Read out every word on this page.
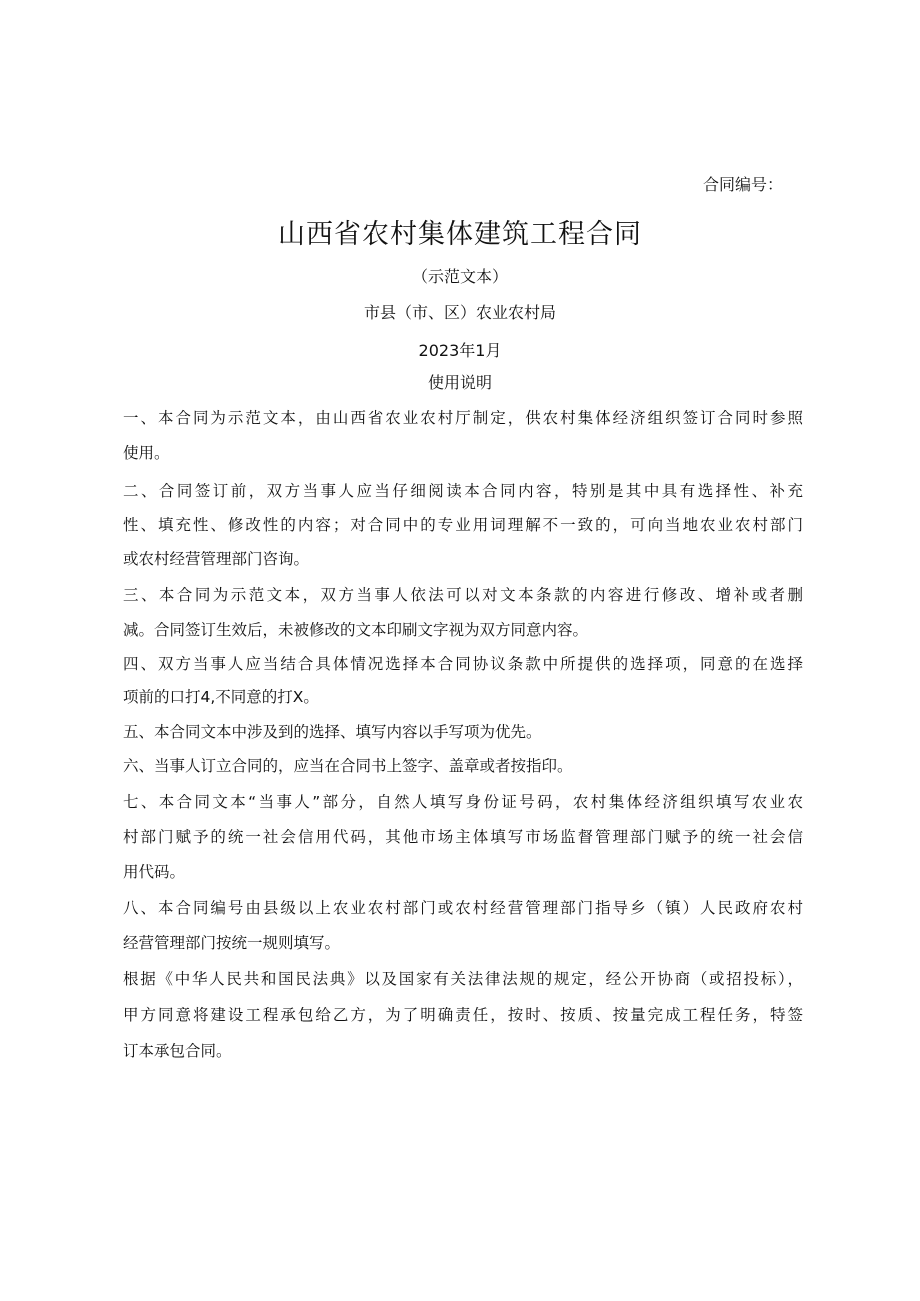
合同编号：
山西省农村集体建筑工程合同
（示范文本）
市县（市、区）农业农村局
2023年1月
使用说明
一、本合同为示范文本，由山西省农业农村厅制定，供农村集体经济组织签订合同时参照
使用。
二、合同签订前，双方当事人应当仔细阅读本合同内容，特别是其中具有选择性、补充
性、填充性、修改性的内容；对合同中的专业用词理解不一致的，可向当地农业农村部门
或农村经营管理部门咨询。
三、本合同为示范文本，双方当事人依法可以对文本条款的内容进行修改、增补或者删
减。合同签订生效后，未被修改的文本印刷文字视为双方同意内容。
四、双方当事人应当结合具体情况选择本合同协议条款中所提供的选择项，同意的在选择
项前的口打4,不同意的打X。
五、本合同文本中涉及到的选择、填写内容以手写项为优先。
六、当事人订立合同的，应当在合同书上签字、盖章或者按指印。
七、本合同文本“当事人”部分，自然人填写身份证号码，农村集体经济组织填写农业农
村部门赋予的统一社会信用代码，其他市场主体填写市场监督管理部门赋予的统一社会信
用代码。
八、本合同编号由县级以上农业农村部门或农村经营管理部门指导乡（镇）人民政府农村
经营管理部门按统一规则填写。
根据《中华人民共和国民法典》以及国家有关法律法规的规定，经公开协商（或招投标），
甲方同意将建设工程承包给乙方，为了明确责任，按时、按质、按量完成工程任务，特签
订本承包合同。
